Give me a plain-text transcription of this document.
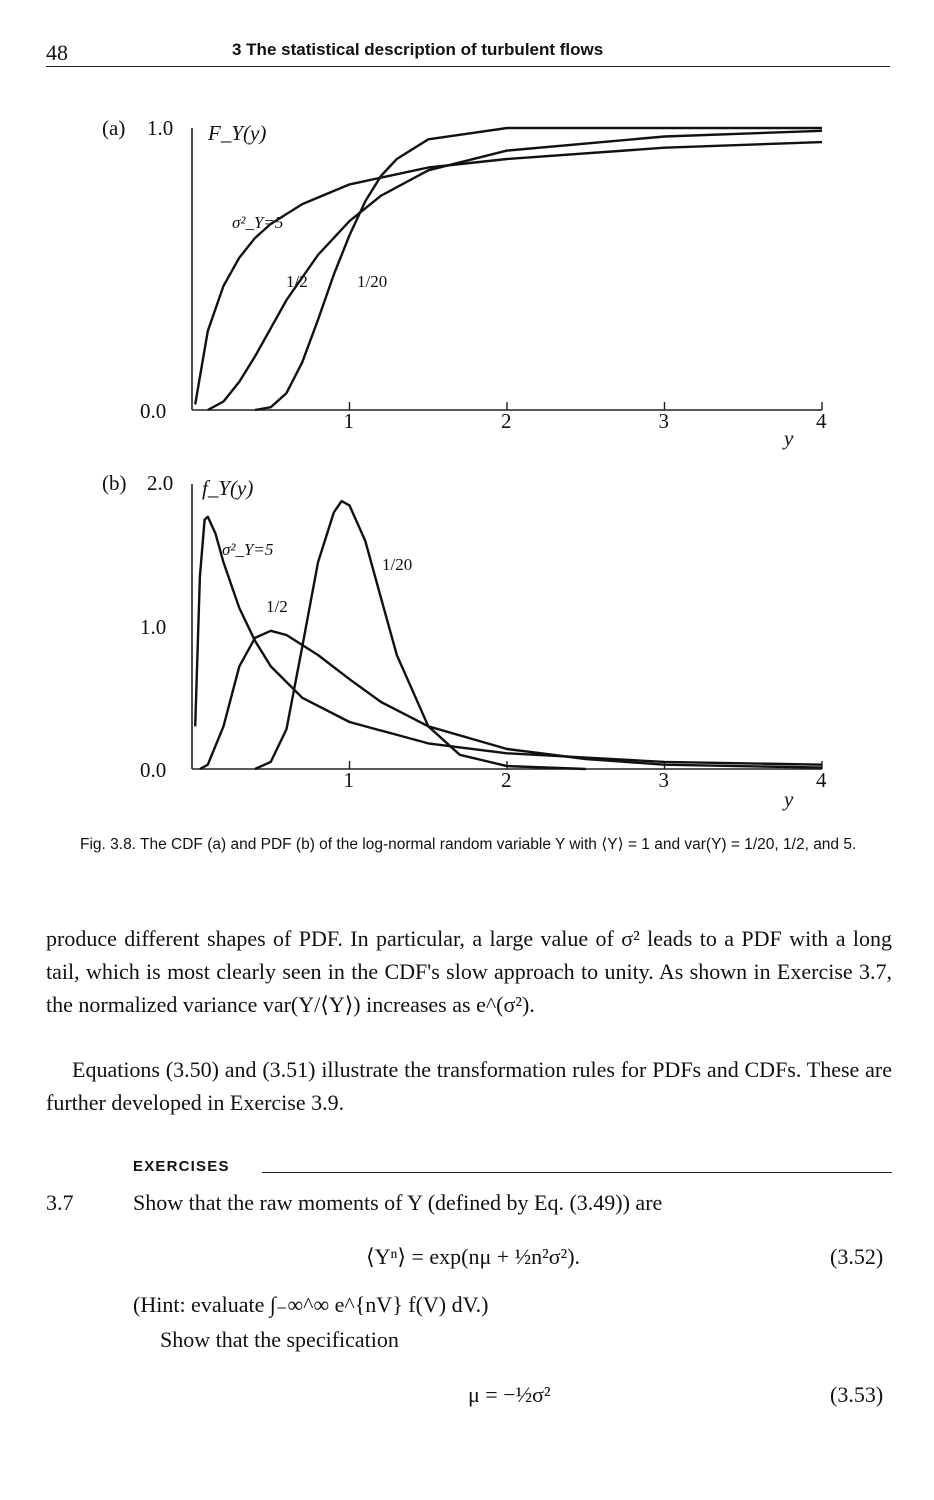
48	3 The statistical description of turbulent flows
(a) 1.0
0.0
F_Y(y)
y
1	2	3	4
σ²_Y=5
1/2	1/20
(b) 2.0
1.0
0.0
f_Y(y)
y
1	2	3	4
σ²_Y=5
1/2
1/20
Fig. 3.8. The CDF (a) and PDF (b) of the log-normal random variable Y with ⟨Y⟩ = 1 and var(Y) = 1/20, 1/2, and 5.
produce different shapes of PDF. In particular, a large value of σ² leads to a PDF with a long tail, which is most clearly seen in the CDF's slow approach to unity. As shown in Exercise 3.7, the normalized variance var(Y/⟨Y⟩) increases as e^(σ²).
Equations (3.50) and (3.51) illustrate the transformation rules for PDFs and CDFs. These are further developed in Exercise 3.9.
EXERCISES
3.7	Show that the raw moments of Y (defined by Eq. (3.49)) are
⟨Yⁿ⟩ = exp(nμ + ½n²σ²).	(3.52)
(Hint: evaluate ∫₋∞^∞ e^{nV} f(V) dV.)
Show that the specification
μ = −½σ²	(3.53)
